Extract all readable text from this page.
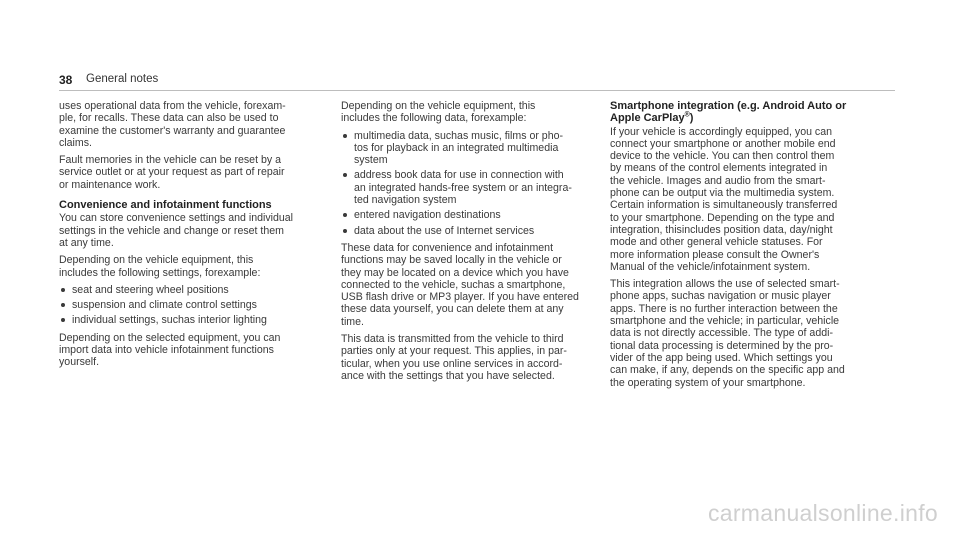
38 General notes
uses operational data from the vehicle, forexam-
ple, for recalls. These data can also be used to
examine the customer's warranty and guarantee
claims.
Fault memories in the vehicle can be reset by a
service outlet or at your request as part of repair
or maintenance work.
Convenience and infotainment functions
You can store convenience settings and individual
settings in the vehicle and change or reset them
at any time.
Depending on the vehicle equipment, this
includes the following settings, forexample:
seat and steering wheel positions
suspension and climate control settings
individual settings, suchas interior lighting
Depending on the selected equipment, you can
import data into vehicle infotainment functions
yourself.
Depending on the vehicle equipment, this
includes the following data, forexample:
multimedia data, suchas music, films or pho-
tos for playback in an integrated multimedia
system
address book data for use in connection with
an integrated hands-free system or an integra-
ted navigation system
entered navigation destinations
data about the use of Internet services
These data for convenience and infotainment
functions may be saved locally in the vehicle or
they may be located on a device which you have
connected to the vehicle, suchas a smartphone,
USB flash drive or MP3 player. If you have entered
these data yourself, you can delete them at any
time.
This data is transmitted from the vehicle to third
parties only at your request. This applies, in par-
ticular, when you use online services in accord-
ance with the settings that you have selected.
Smartphone integration (e.g. Android Auto or
Apple CarPlay®)
If your vehicle is accordingly equipped, you can
connect your smartphone or another mobile end
device to the vehicle. You can then control them
by means of the control elements integrated in
the vehicle. Images and audio from the smart-
phone can be output via the multimedia system.
Certain information is simultaneously transferred
to your smartphone. Depending on the type and
integration, thisincludes position data, day/night
mode and other general vehicle statuses. For
more information please consult the Owner's
Manual of the vehicle/infotainment system.
This integration allows the use of selected smart-
phone apps, suchas navigation or music player
apps. There is no further interaction between the
smartphone and the vehicle; in particular, vehicle
data is not directly accessible. The type of addi-
tional data processing is determined by the pro-
vider of the app being used. Which settings you
can make, if any, depends on the specific app and
the operating system of your smartphone.
carmanualsonline.info
